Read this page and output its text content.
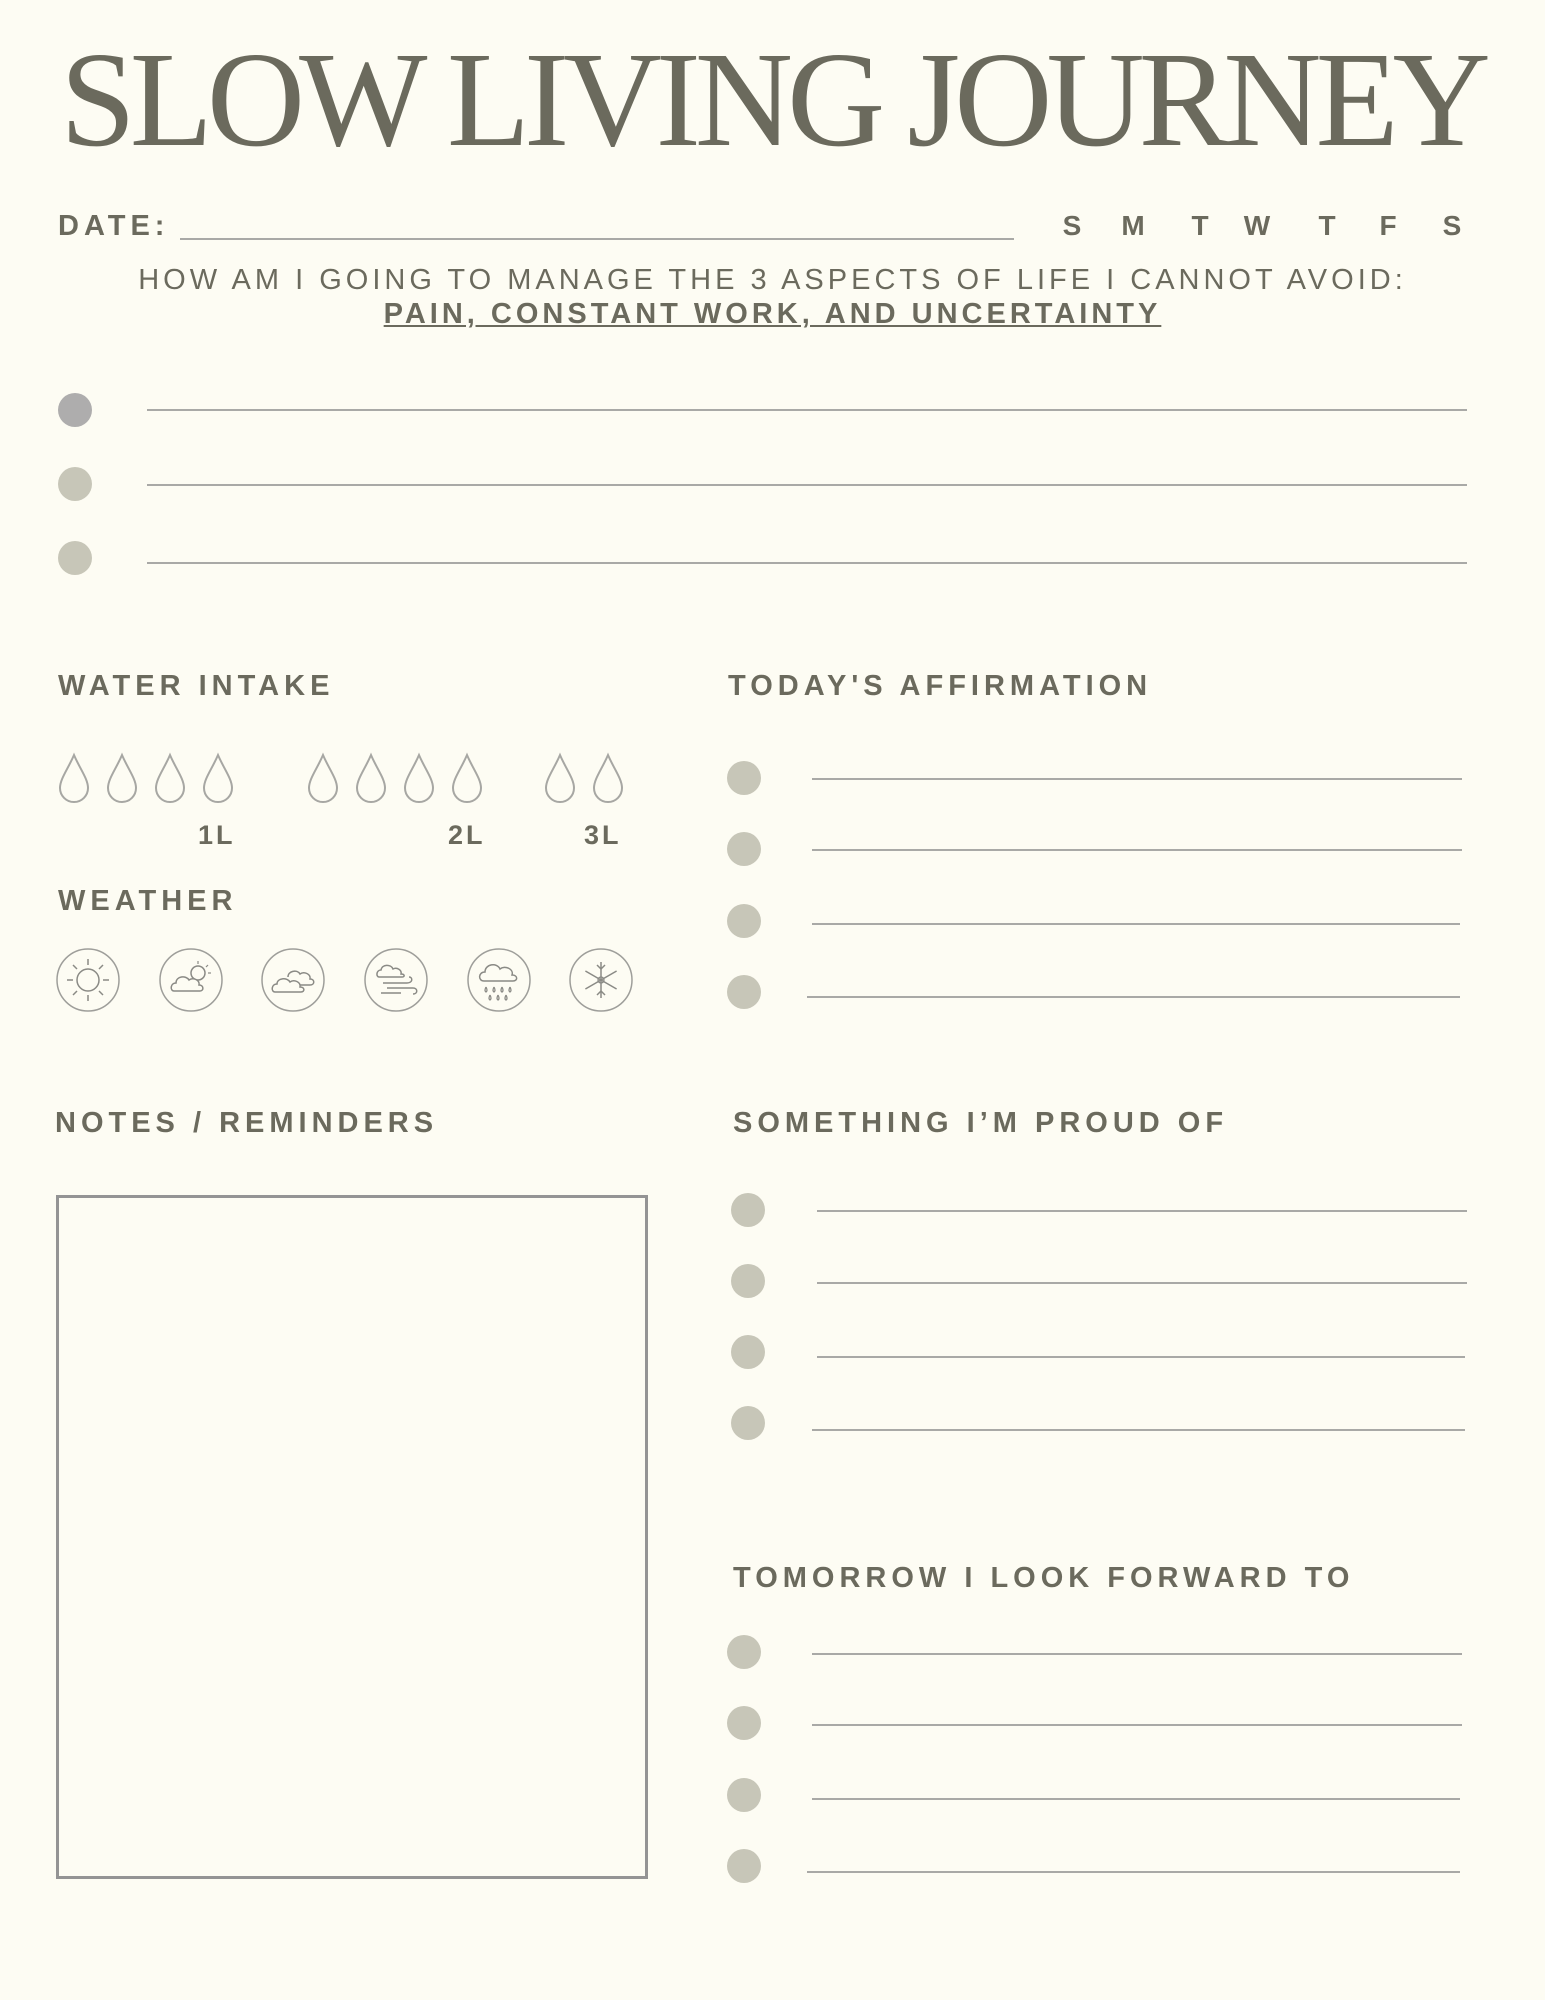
SLOW LIVING JOURNEY
DATE:	S	M	T	W	T	F	S
HOW AM I GOING TO MANAGE THE 3 ASPECTS OF LIFE I CANNOT AVOID:
PAIN, CONSTANT WORK, AND UNCERTAINTY
WATER INTAKE
1L	2L	3L
WEATHER
TODAY'S AFFIRMATION
NOTES / REMINDERS	SOMETHING I’M PROUD OF
TOMORROW I LOOK FORWARD TO
